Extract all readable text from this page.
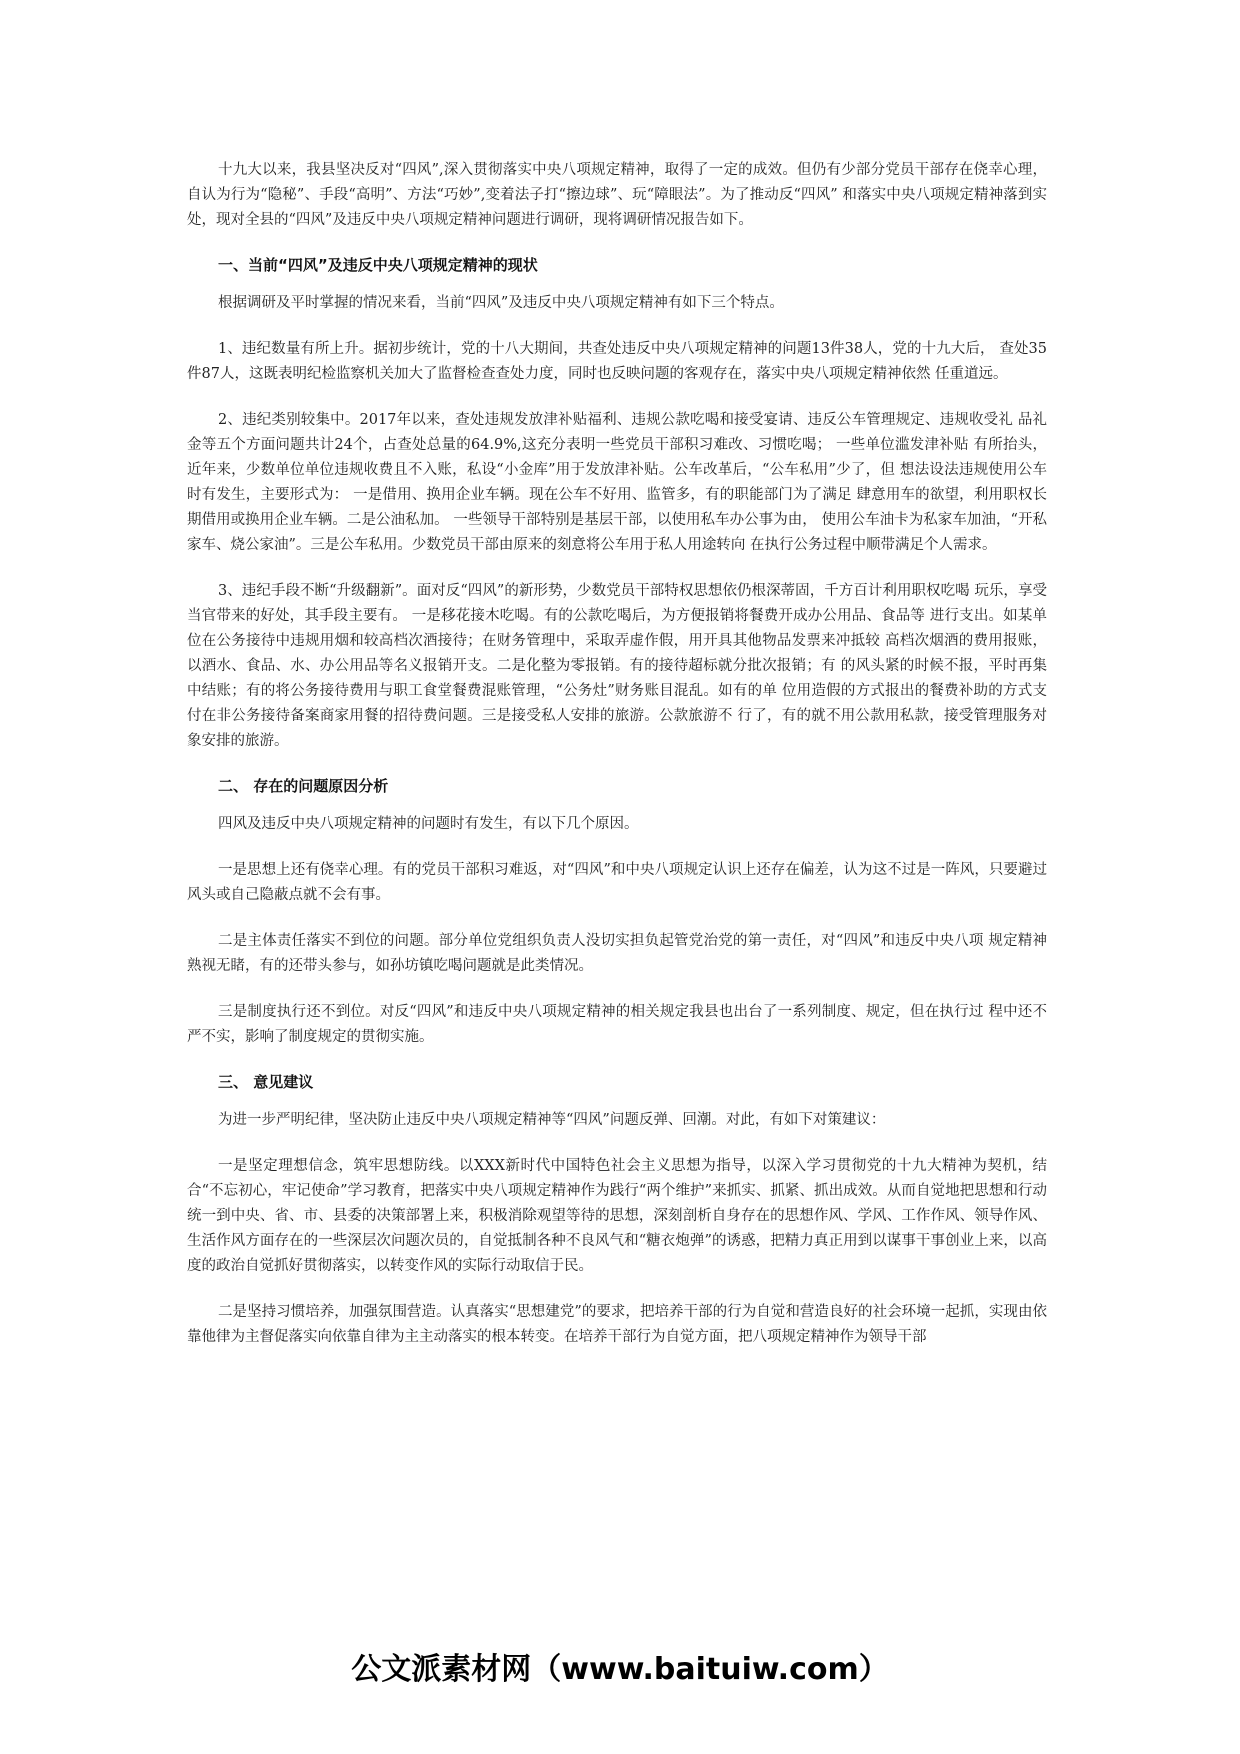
十九大以来，我县坚决反对“四风”,深入贯彻落实中央八项规定精神，取得了一定的成效。但仍有少部分党员干部存在侥幸心理，自认为行为“隐秘”、手段“高明”、方法“巧妙”,变着法子打“擦边球”、玩“障眼法”。为了推动反“四风” 和落实中央八项规定精神落到实处，现对全县的“四风”及违反中央八项规定精神问题进行调研，现将调研情况报告如下。

一、当前“四风”及违反中央八项规定精神的现状

根据调研及平时掌握的情况来看，当前“四风”及违反中央八项规定精神有如下三个特点。

1、违纪数量有所上升。据初步统计，党的十八大期间，共查处违反中央八项规定精神的问题13件38人，党的十九大后， 查处35件87人，这既表明纪检监察机关加大了监督检查查处力度，同时也反映问题的客观存在，落实中央八项规定精神依然 任重道远。

2、违纪类别较集中。2017年以来，查处违规发放津补贴福利、违规公款吃喝和接受宴请、违反公车管理规定、违规收受礼 品礼金等五个方面问题共计24个，占查处总量的64.9%,这充分表明一些党员干部积习难改、习惯吃喝； 一些单位滥发津补贴 有所抬头，近年来，少数单位单位违规收费且不入账，私设“小金库”用于发放津补贴。公车改革后，“公车私用”少了，但 想法设法违规使用公车时有发生，主要形式为： 一是借用、换用企业车辆。现在公车不好用、监管多，有的职能部门为了满足 肆意用车的欲望，利用职权长期借用或换用企业车辆。二是公油私加。 一些领导干部特别是基层干部，以使用私车办公事为由， 使用公车油卡为私家车加油，“开私家车、烧公家油”。三是公车私用。少数党员干部由原来的刻意将公车用于私人用途转向 在执行公务过程中顺带满足个人需求。

3、违纪手段不断“升级翻新”。面对反“四风”的新形势，少数党员干部特权思想依仍根深蒂固，千方百计利用职权吃喝 玩乐，享受当官带来的好处，其手段主要有。 一是移花接木吃喝。有的公款吃喝后，为方便报销将餐费开成办公用品、食品等 进行支出。如某单位在公务接待中违规用烟和较高档次酒接待；在财务管理中，采取弄虚作假，用开具其他物品发票来冲抵较 高档次烟酒的费用报账，以酒水、食品、水、办公用品等名义报销开支。二是化整为零报销。有的接待超标就分批次报销；有 的风头紧的时候不报，平时再集中结账；有的将公务接待费用与职工食堂餐费混账管理，“公务灶”财务账目混乱。如有的单 位用造假的方式报出的餐费补助的方式支付在非公务接待备案商家用餐的招待费问题。三是接受私人安排的旅游。公款旅游不 行了，有的就不用公款用私款，接受管理服务对象安排的旅游。

二、 存在的问题原因分析

四风及违反中央八项规定精神的问题时有发生，有以下几个原因。

一是思想上还有侥幸心理。有的党员干部积习难返，对“四风”和中央八项规定认识上还存在偏差，认为这不过是一阵风，只要避过风头或自己隐蔽点就不会有事。

二是主体责任落实不到位的问题。部分单位党组织负责人没切实担负起管党治党的第一责任，对“四风”和违反中央八项 规定精神熟视无睹，有的还带头参与，如孙坊镇吃喝问题就是此类情况。

三是制度执行还不到位。对反“四风”和违反中央八项规定精神的相关规定我县也出台了一系列制度、规定，但在执行过 程中还不严不实，影响了制度规定的贯彻实施。

三、 意见建议

为进一步严明纪律，坚决防止违反中央八项规定精神等“四风”问题反弹、回潮。对此，有如下对策建议：

一是坚定理想信念，筑牢思想防线。以XXX新时代中国特色社会主义思想为指导，以深入学习贯彻党的十九大精神为契机，结合“不忘初心，牢记使命”学习教育，把落实中央八项规定精神作为践行“两个维护”来抓实、抓紧、抓出成效。从而自觉地把思想和行动统一到中央、省、市、县委的决策部署上来，积极消除观望等待的思想，深刻剖析自身存在的思想作风、学风、工作作风、领导作风、生活作风方面存在的一些深层次问题次员的，自觉抵制各种不良风气和“糖衣炮弹”的诱惑，把精力真正用到以谋事干事创业上来，以高度的政治自觉抓好贯彻落实，以转变作风的实际行动取信于民。

二是坚持习惯培养，加强氛围营造。认真落实“思想建党”的要求，把培养干部的行为自觉和营造良好的社会环境一起抓，实现由依靠他律为主督促落实向依靠自律为主主动落实的根本转变。在培养干部行为自觉方面，把八项规定精神作为领导干部

公文派素材网（www.baituiw.com）
